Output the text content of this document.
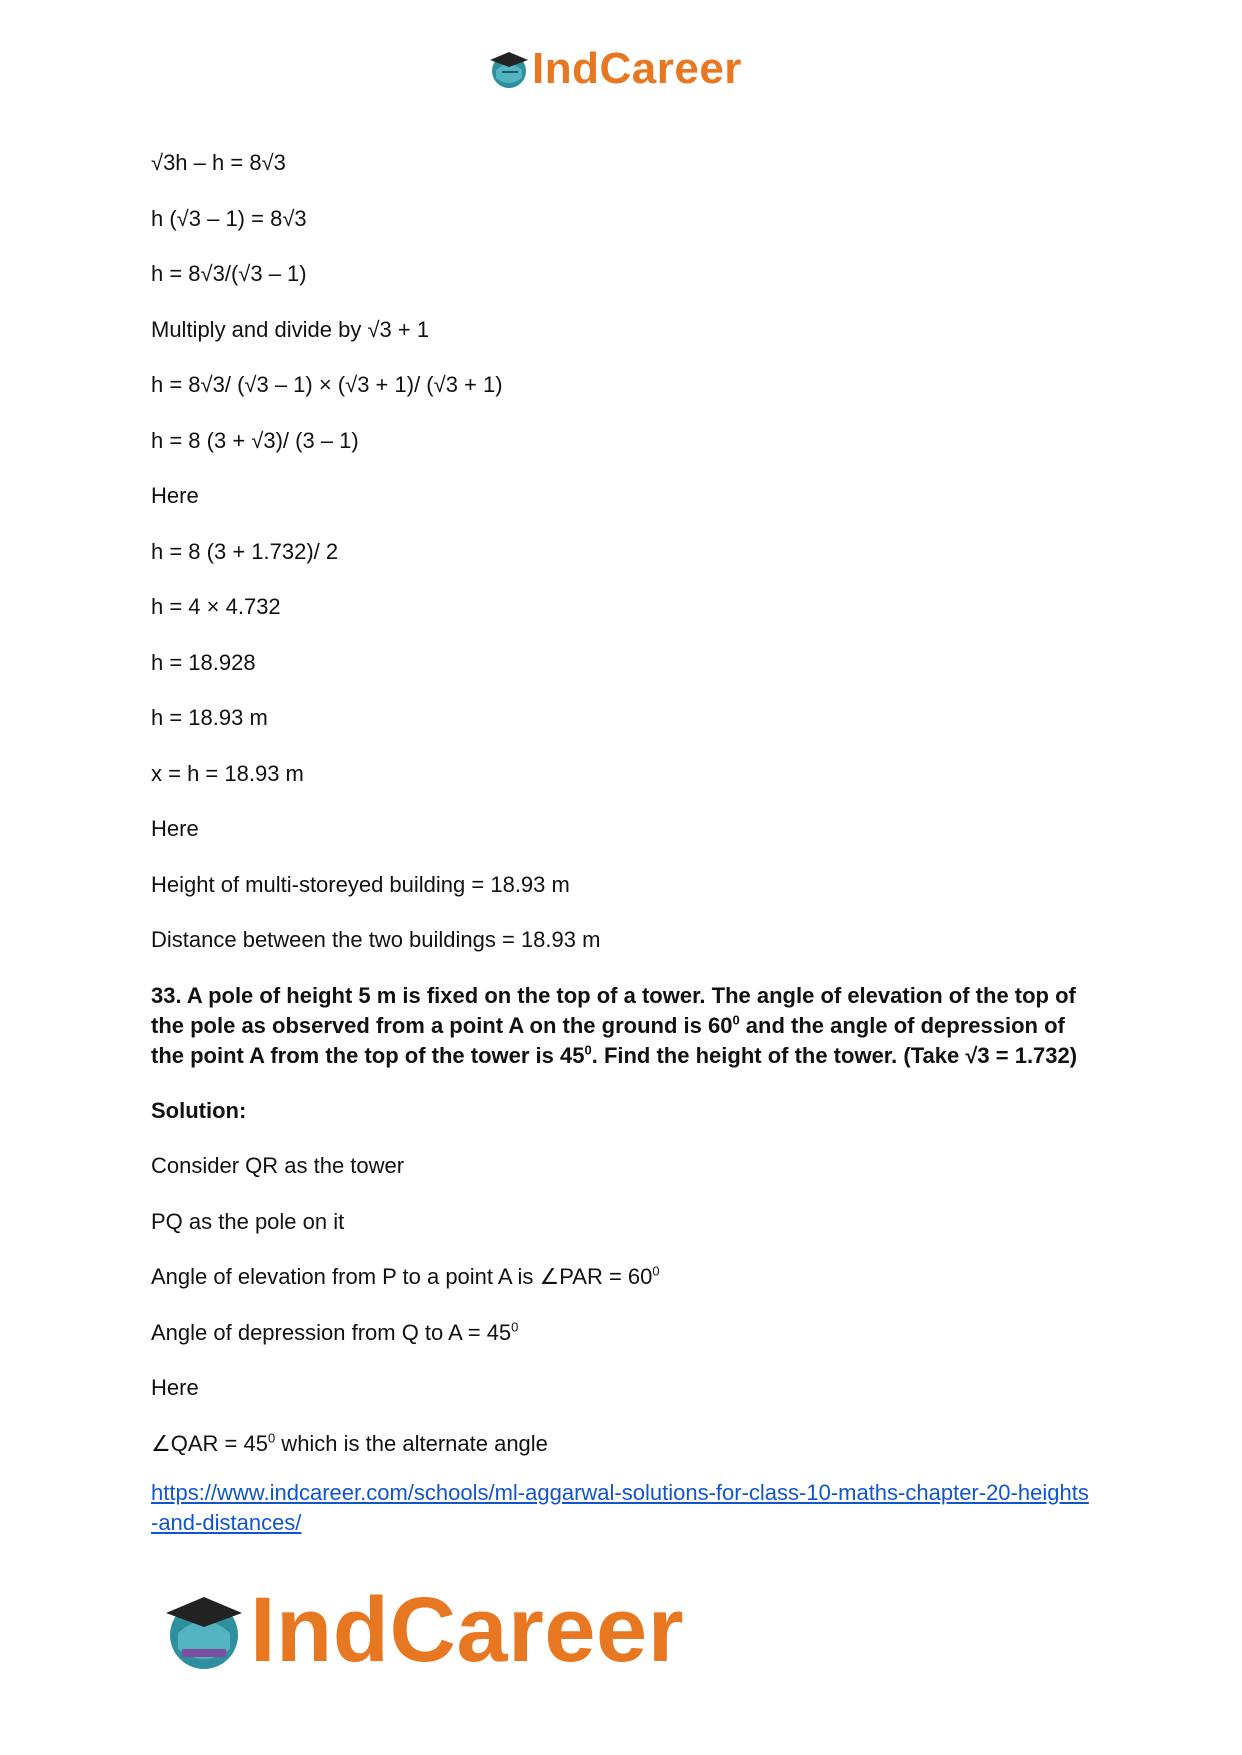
IndCareer

√3h – h = 8√3

h (√3 – 1) = 8√3

h = 8√3/(√3 – 1)

Multiply and divide by √3 + 1

h = 8√3/ (√3 – 1) × (√3 + 1)/ (√3 + 1)

h = 8 (3 + √3)/ (3 – 1)

Here

h = 8 (3 + 1.732)/ 2

h = 4 × 4.732

h = 18.928

h = 18.93 m

x = h = 18.93 m

Here

Height of multi-storeyed building = 18.93 m

Distance between the two buildings = 18.93 m

33. A pole of height 5 m is fixed on the top of a tower. The angle of elevation of the top of the pole as observed from a point A on the ground is $60^0$ and the angle of depression of the point A from the top of the tower is $45^0$. Find the height of the tower. (Take √3 = 1.732)

Solution:

Consider QR as the tower

PQ as the pole on it

Angle of elevation from P to a point A is ∠PAR = $60^0$

Angle of depression from Q to $A = 45^0$

Here

∠QAR = $45^0$ which is the alternate angle

https://www.indcareer.com/schools/ml-aggarwal-solutions-for-class-10-maths-chapter-20-heights-and-distances/
IndCareer
